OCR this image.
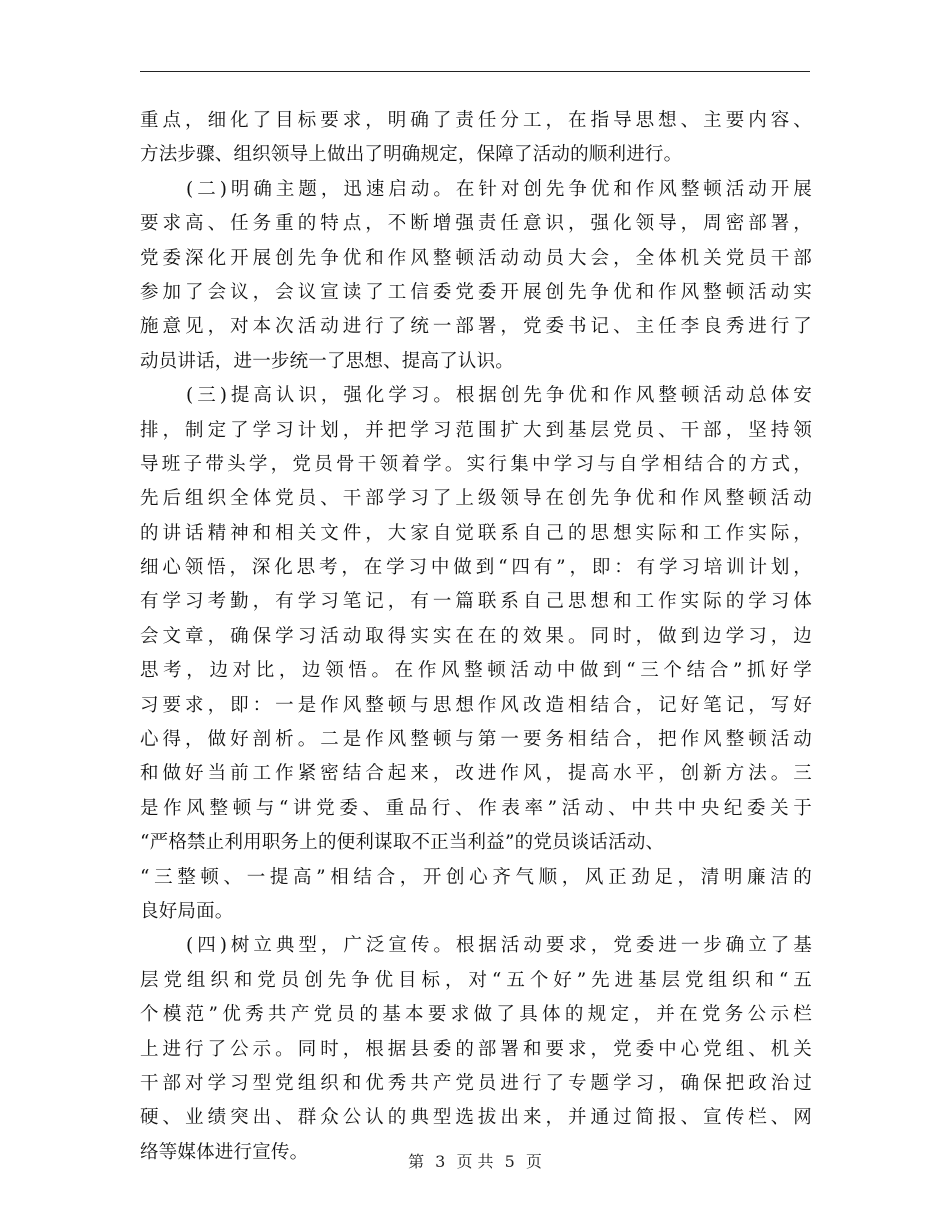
重点，细化了目标要求，明确了责任分工，在指导思想、主要内容、
方法步骤、组织领导上做出了明确规定，保障了活动的顺利进行。
(二)明确主题，迅速启动。在针对创先争优和作风整顿活动开展
要求高、任务重的特点，不断增强责任意识，强化领导，周密部署，
党委深化开展创先争优和作风整顿活动动员大会，全体机关党员干部
参加了会议，会议宣读了工信委党委开展创先争优和作风整顿活动实
施意见，对本次活动进行了统一部署，党委书记、主任李良秀进行了
动员讲话，进一步统一了思想、提高了认识。
(三)提高认识，强化学习。根据创先争优和作风整顿活动总体安
排，制定了学习计划，并把学习范围扩大到基层党员、干部，坚持领
导班子带头学，党员骨干领着学。实行集中学习与自学相结合的方式，
先后组织全体党员、干部学习了上级领导在创先争优和作风整顿活动
的讲话精神和相关文件，大家自觉联系自己的思想实际和工作实际，
细心领悟，深化思考，在学习中做到“四有”，即：有学习培训计划，
有学习考勤，有学习笔记，有一篇联系自己思想和工作实际的学习体
会文章，确保学习活动取得实实在在的效果。同时，做到边学习，边
思考，边对比，边领悟。在作风整顿活动中做到“三个结合”抓好学
习要求，即：一是作风整顿与思想作风改造相结合，记好笔记，写好
心得，做好剖析。二是作风整顿与第一要务相结合，把作风整顿活动
和做好当前工作紧密结合起来，改进作风，提高水平，创新方法。三
是作风整顿与“讲党委、重品行、作表率”活动、中共中央纪委关于
“严格禁止利用职务上的便利谋取不正当利益”的党员谈话活动、
“三整顿、一提高”相结合，开创心齐气顺，风正劲足，清明廉洁的
良好局面。
(四)树立典型，广泛宣传。根据活动要求，党委进一步确立了基
层党组织和党员创先争优目标，对“五个好”先进基层党组织和“五
个模范”优秀共产党员的基本要求做了具体的规定，并在党务公示栏
上进行了公示。同时，根据县委的部署和要求，党委中心党组、机关
干部对学习型党组织和优秀共产党员进行了专题学习，确保把政治过
硬、业绩突出、群众公认的典型选拔出来，并通过简报、宣传栏、网
络等媒体进行宣传。	第 3 页 共 5 页
